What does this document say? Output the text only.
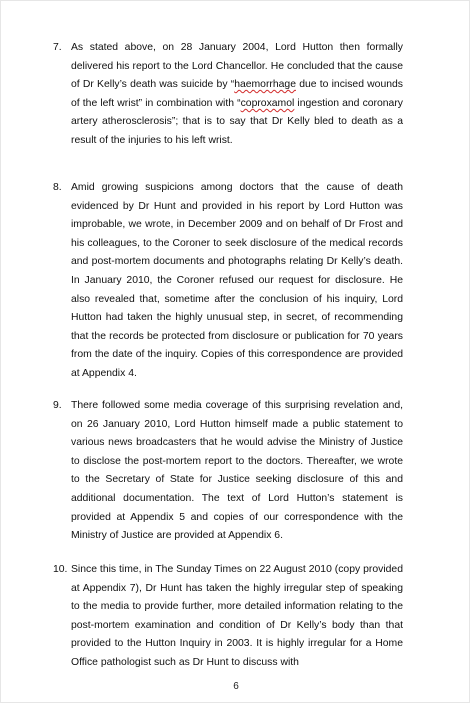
7. As stated above, on 28 January 2004, Lord Hutton then formally delivered his report to the Lord Chancellor. He concluded that the cause of Dr Kelly’s death was suicide by “haemorrhage due to incised wounds of the left wrist” in combination with “coproxamol ingestion and coronary artery atherosclerosis”; that is to say that Dr Kelly bled to death as a result of the injuries to his left wrist.
8. Amid growing suspicions among doctors that the cause of death evidenced by Dr Hunt and provided in his report by Lord Hutton was improbable, we wrote, in December 2009 and on behalf of Dr Frost and his colleagues, to the Coroner to seek disclosure of the medical records and post-mortem documents and photographs relating Dr Kelly’s death. In January 2010, the Coroner refused our request for disclosure. He also revealed that, sometime after the conclusion of his inquiry, Lord Hutton had taken the highly unusual step, in secret, of recommending that the records be protected from disclosure or publication for 70 years from the date of the inquiry. Copies of this correspondence are provided at Appendix 4.
9. There followed some media coverage of this surprising revelation and, on 26 January 2010, Lord Hutton himself made a public statement to various news broadcasters that he would advise the Ministry of Justice to disclose the post-mortem report to the doctors. Thereafter, we wrote to the Secretary of State for Justice seeking disclosure of this and additional documentation. The text of Lord Hutton’s statement is provided at Appendix 5 and copies of our correspondence with the Ministry of Justice are provided at Appendix 6.
10. Since this time, in The Sunday Times on 22 August 2010 (copy provided at Appendix 7), Dr Hunt has taken the highly irregular step of speaking to the media to provide further, more detailed information relating to the post-mortem examination and condition of Dr Kelly’s body than that provided to the Hutton Inquiry in 2003. It is highly irregular for a Home Office pathologist such as Dr Hunt to discuss with
6
